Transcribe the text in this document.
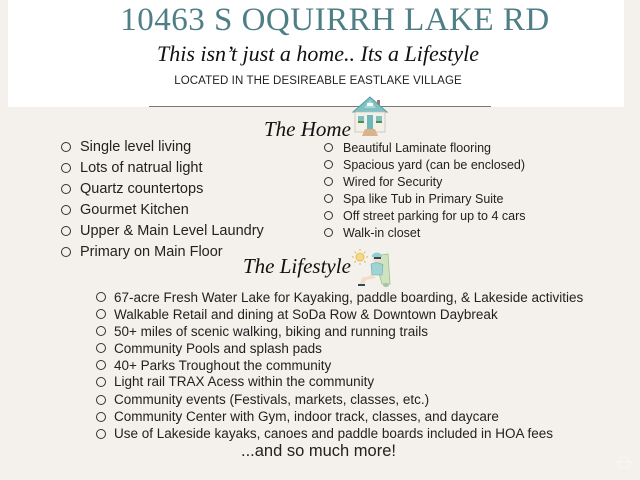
10463 S OQUIRRH LAKE RD

This isn’t just a home.. Its a Lifestyle

LOCATED IN THE DESIREABLE EASTLAKE VILLAGE
The Home
Single level living
Lots of natrual light
Quartz countertops
Gourmet Kitchen
Upper & Main Level Laundry
Primary on Main Floor
Beautiful Laminate flooring
Spacious yard (can be enclosed)
Wired for Security
Spa like Tub in Primary Suite
Off street parking for up to 4 cars
Walk-in closet
The Lifestyle
67-acre Fresh Water Lake for Kayaking, paddle boarding, & Lakeside activities
Walkable Retail and dining at SoDa Row & Downtown Daybreak
50+ miles of scenic walking, biking and running trails
Community Pools and splash pads
40+ Parks Troughout the community
Light rail TRAX Acess within the community
Community events (Festivals, markets, classes, etc.)
Community Center with Gym, indoor track, classes, and daycare
Use of Lakeside kayaks, canoes and paddle boards included in HOA fees
...and so much more!
